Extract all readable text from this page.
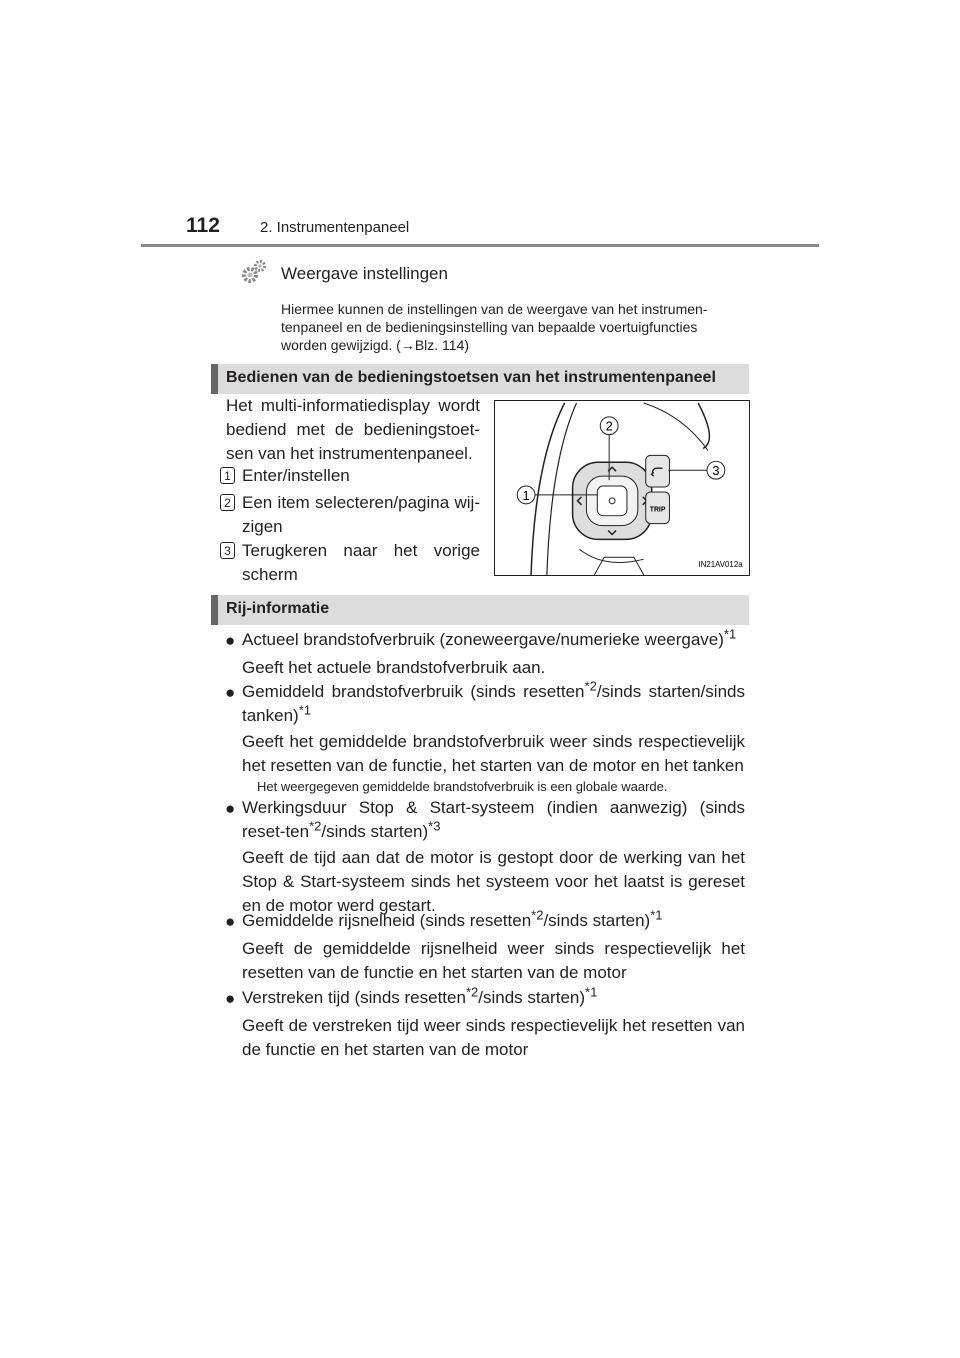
112	2. Instrumentenpaneel
Weergave instellingen
Hiermee kunnen de instellingen van de weergave van het instrumen-
tenpaneel en de bedieningsinstelling van bepaalde voertuigfuncties
worden gewijzigd. (→Blz. 114)
Bedienen van de bedieningstoetsen van het instrumentenpaneel
Het multi-informatiedisplay wordt bediend met de bedieningstoet-sen van het instrumentenpaneel.
1 Enter/instellen
2 Een item selecteren/pagina wij-zigen
3 Terugkeren naar het vorige scherm
TRIP
2
1
3
IN21AV012a
Rij-informatie
● Actueel brandstofverbruik (zoneweergave/numerieke weergave)$^{*1}$
Geeft het actuele brandstofverbruik aan.
● Gemiddeld brandstofverbruik (sinds resetten$^{*2}$/sinds starten/sinds tanken)$^{*1}$
Geeft het gemiddelde brandstofverbruik weer sinds respectievelijk het resetten van de functie, het starten van de motor en het tanken
Het weergegeven gemiddelde brandstofverbruik is een globale waarde.
● Werkingsduur Stop & Start-systeem (indien aanwezig) (sinds reset-ten$^{*2}$/sinds starten)$^{*3}$
Geeft de tijd aan dat de motor is gestopt door de werking van het Stop & Start-systeem sinds het systeem voor het laatst is gereset en de motor werd gestart.
● Gemiddelde rijsnelheid (sinds resetten$^{*2}$/sinds starten)$^{*1}$
Geeft de gemiddelde rijsnelheid weer sinds respectievelijk het resetten van de functie en het starten van de motor
● Verstreken tijd (sinds resetten$^{*2}$/sinds starten)$^{*1}$
Geeft de verstreken tijd weer sinds respectievelijk het resetten van de functie en het starten van de motor
